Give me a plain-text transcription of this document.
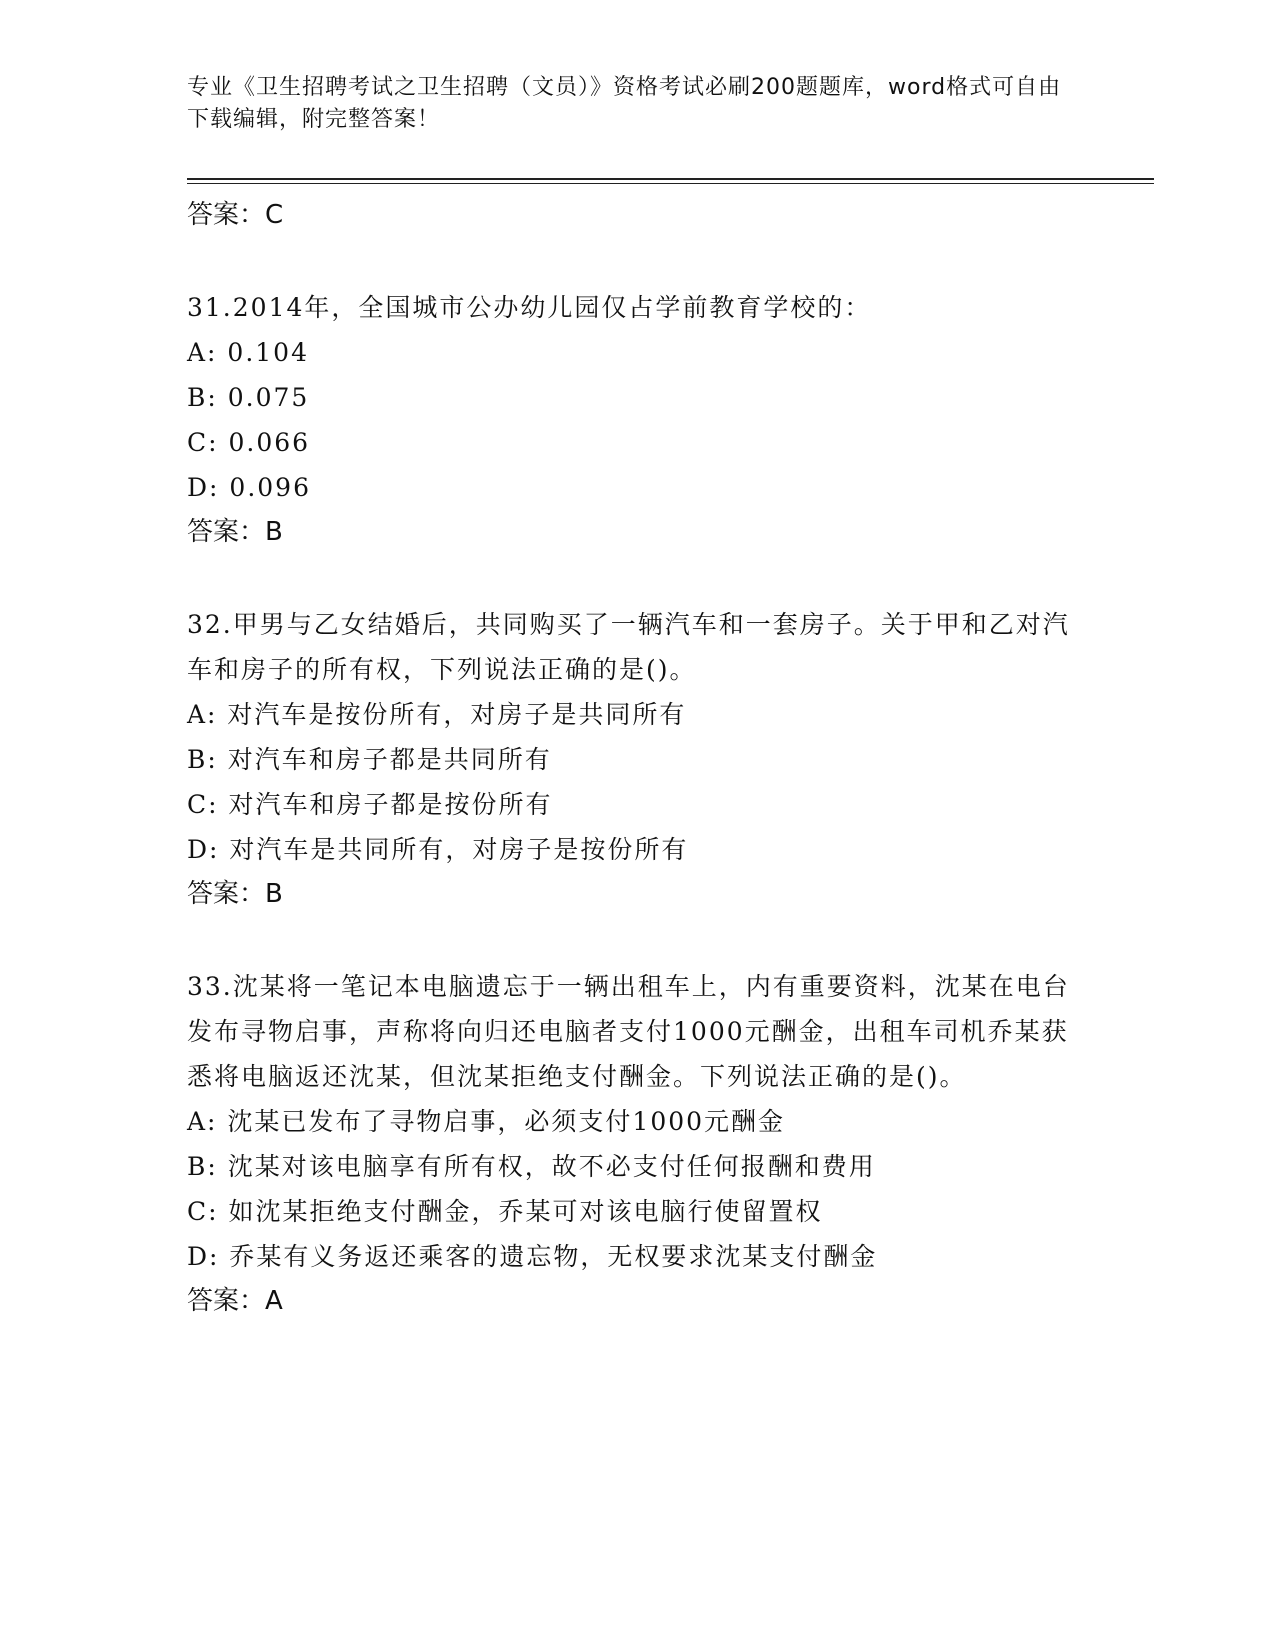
专业《卫生招聘考试之卫生招聘（文员）》资格考试必刷200题题库，word格式可自由下载编辑，附完整答案！
答案：C
31.2014年，全国城市公办幼儿园仅占学前教育学校的：
A: 0.104
B: 0.075
C: 0.066
D: 0.096
答案：B
32.甲男与乙女结婚后，共同购买了一辆汽车和一套房子。关于甲和乙对汽车和房子的所有权，下列说法正确的是()。
A: 对汽车是按份所有，对房子是共同所有
B: 对汽车和房子都是共同所有
C: 对汽车和房子都是按份所有
D: 对汽车是共同所有，对房子是按份所有
答案：B
33.沈某将一笔记本电脑遗忘于一辆出租车上，内有重要资料，沈某在电台发布寻物启事，声称将向归还电脑者支付1000元酬金，出租车司机乔某获悉将电脑返还沈某，但沈某拒绝支付酬金。下列说法正确的是()。
A: 沈某已发布了寻物启事，必须支付1000元酬金
B: 沈某对该电脑享有所有权，故不必支付任何报酬和费用
C: 如沈某拒绝支付酬金，乔某可对该电脑行使留置权
D: 乔某有义务返还乘客的遗忘物，无权要求沈某支付酬金
答案：A
